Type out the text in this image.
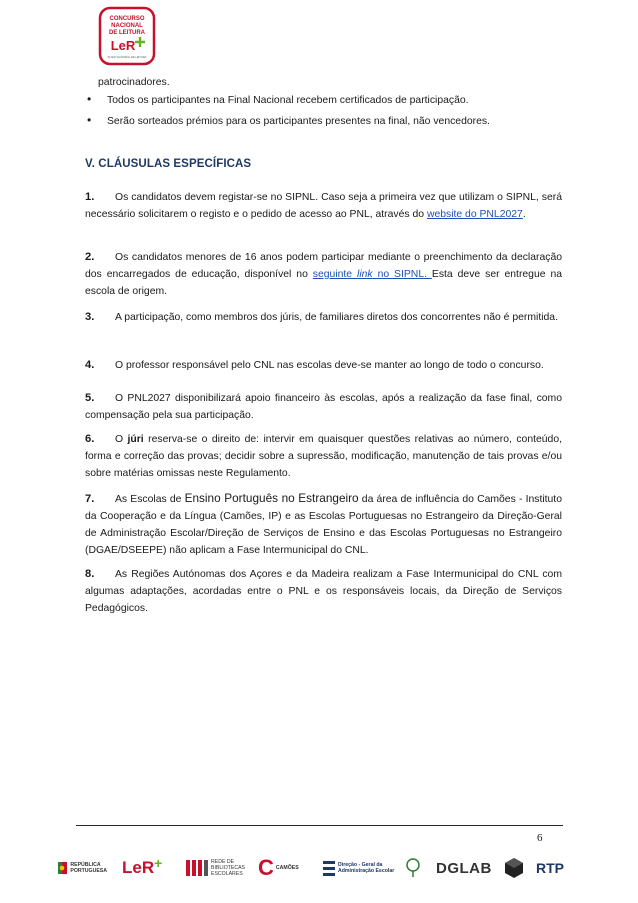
CONCURSO
NACIONAL
DE LEITURA
LeR
PLANO NACIONAL DE LEITURA
patrocinadores.
• Todos os participantes na Final Nacional recebem certificados de participação.
• Serão sorteados prémios para os participantes presentes na final, não vencedores.
V. CLÁUSULAS ESPECÍFICAS
1. Os candidatos devem registar-se no SIPNL. Caso seja a primeira vez que utilizam o SIPNL, será necessário solicitarem o registo e o pedido de acesso ao PNL, através do website do PNL2027.
2. Os candidatos menores de 16 anos podem participar mediante o preenchimento da declaração dos encarregados de educação, disponível no seguinte link no SIPNL. Esta deve ser entregue na escola de origem.
3. A participação, como membros dos júris, de familiares diretos dos concorrentes não é permitida.
4. O professor responsável pelo CNL nas escolas deve-se manter ao longo de todo o concurso.
5. O PNL2027 disponibilizará apoio financeiro às escolas, após a realização da fase final, como compensação pela sua participação.
6. O júri reserva-se o direito de: intervir em quaisquer questões relativas ao número, conteúdo, forma e correção das provas; decidir sobre a supressão, modificação, manutenção de tais provas e/ou sobre matérias omissas neste Regulamento.
7. As Escolas de Ensino Português no Estrangeiro da área de influência do Camões - Instituto da Cooperação e da Língua (Camões, IP) e as Escolas Portuguesas no Estrangeiro da Direção-Geral de Administração Escolar/Direção de Serviços de Ensino e das Escolas Portuguesas no Estrangeiro (DGAE/DSEEPE) não aplicam a Fase Intermunicipal do CNL.
8. As Regiões Autónomas dos Açores e da Madeira realizam a Fase Intermunicipal do CNL com algumas adaptações, acordadas entre o PNL e os responsáveis locais, da Direção de Serviços Pedagógicos.
6
REPÚBLICA PORTUGUESA LeR +	REDE DE BIBLIOTECAS ESCOLARES C CAMÕES	Direção - Geral da Administração Escolar	DGLAB	RTP
